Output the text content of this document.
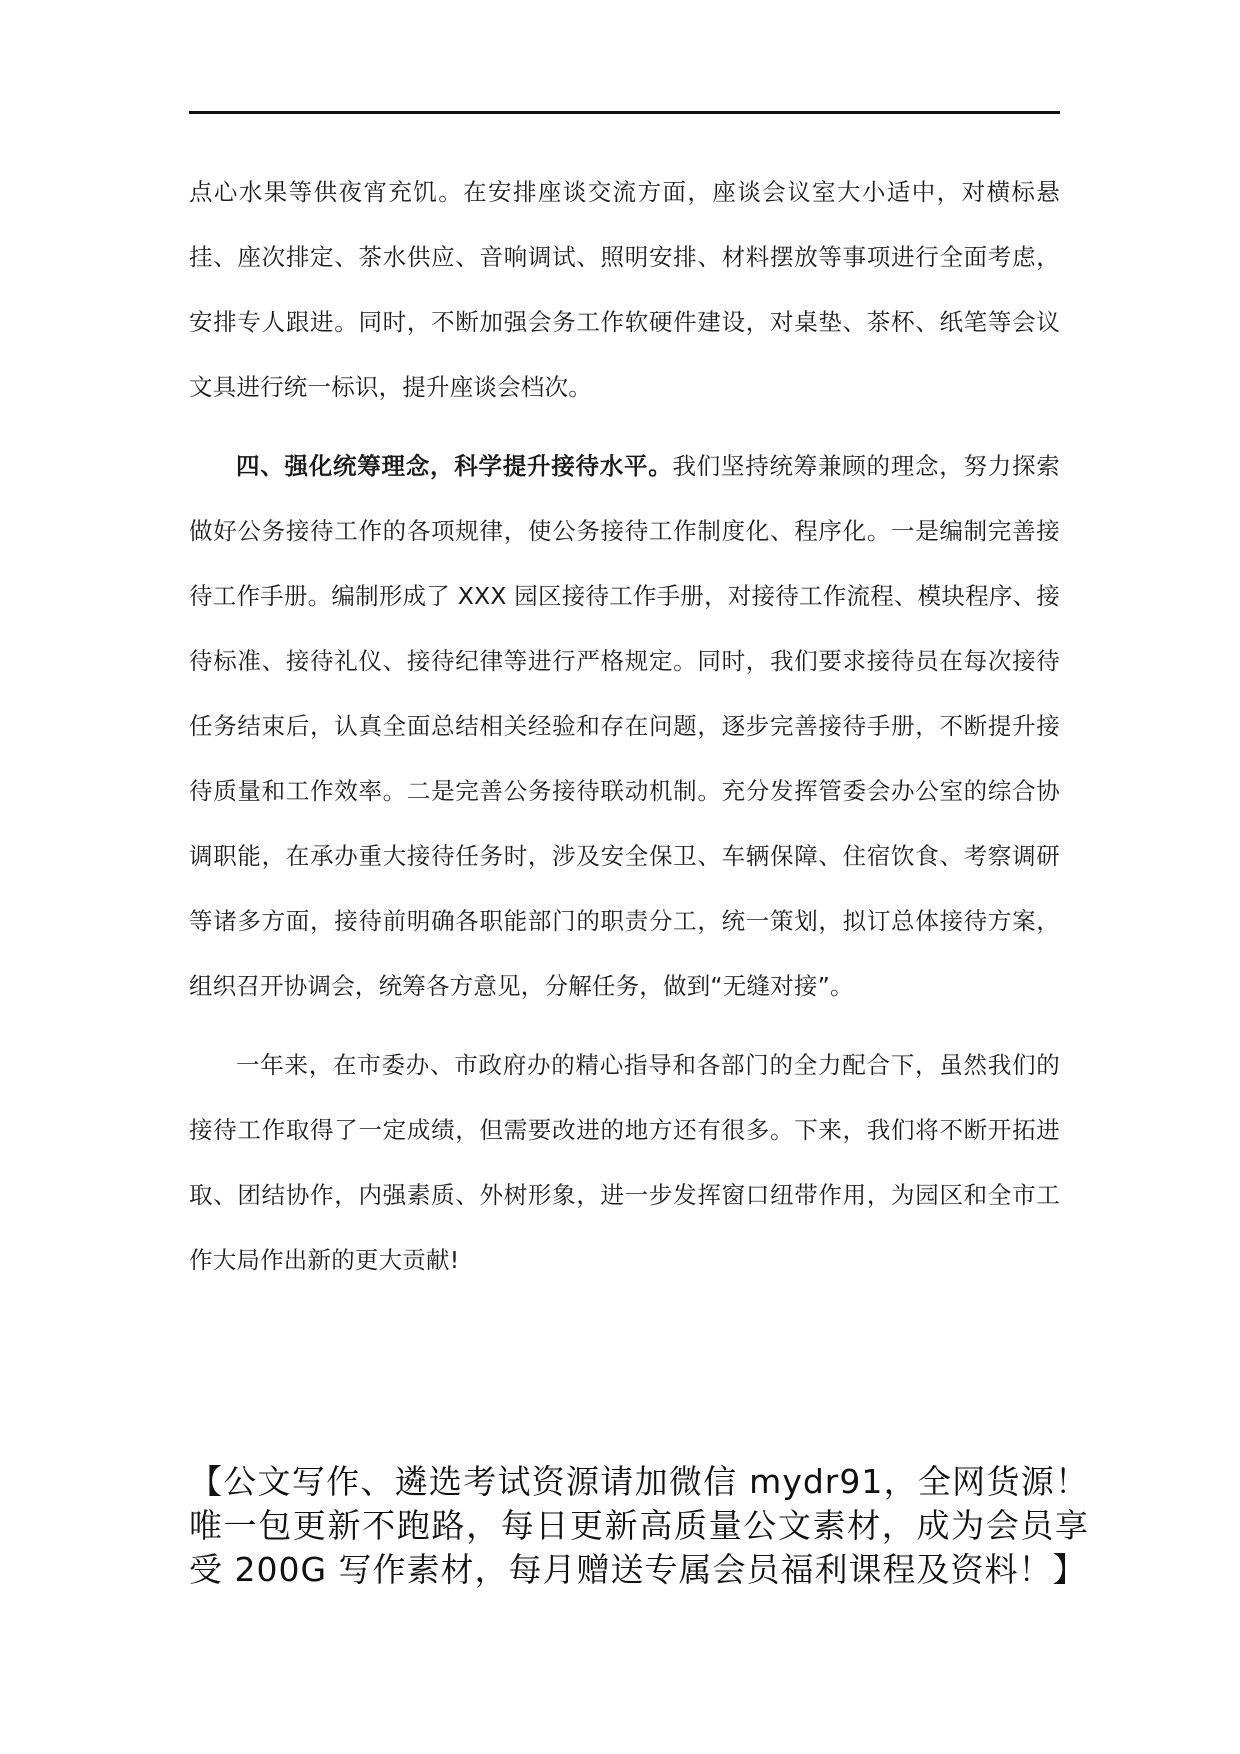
点心水果等供夜宵充饥。在安排座谈交流方面，座谈会议室大小适中，对横标悬挂、座次排定、茶水供应、音响调试、照明安排、材料摆放等事项进行全面考虑，安排专人跟进。同时，不断加强会务工作软硬件建设，对桌垫、茶杯、纸笔等会议文具进行统一标识，提升座谈会档次。

四、强化统筹理念，科学提升接待水平。我们坚持统筹兼顾的理念，努力探索做好公务接待工作的各项规律，使公务接待工作制度化、程序化。一是编制完善接待工作手册。编制形成了 XXX 园区接待工作手册，对接待工作流程、模块程序、接待标准、接待礼仪、接待纪律等进行严格规定。同时，我们要求接待员在每次接待任务结束后，认真全面总结相关经验和存在问题，逐步完善接待手册，不断提升接待质量和工作效率。二是完善公务接待联动机制。充分发挥管委会办公室的综合协调职能，在承办重大接待任务时，涉及安全保卫、车辆保障、住宿饮食、考察调研等诸多方面，接待前明确各职能部门的职责分工，统一策划，拟订总体接待方案，组织召开协调会，统筹各方意见，分解任务，做到“无缝对接”。

一年来，在市委办、市政府办的精心指导和各部门的全力配合下，虽然我们的接待工作取得了一定成绩，但需要改进的地方还有很多。下来，我们将不断开拓进取、团结协作，内强素质、外树形象，进一步发挥窗口纽带作用，为园区和全市工作大局作出新的更大贡献!

【公文写作、遴选考试资源请加微信 mydr91，全网货源！唯一包更新不跑路，每日更新高质量公文素材，成为会员享受 200G 写作素材，每月赠送专属会员福利课程及资料！】
